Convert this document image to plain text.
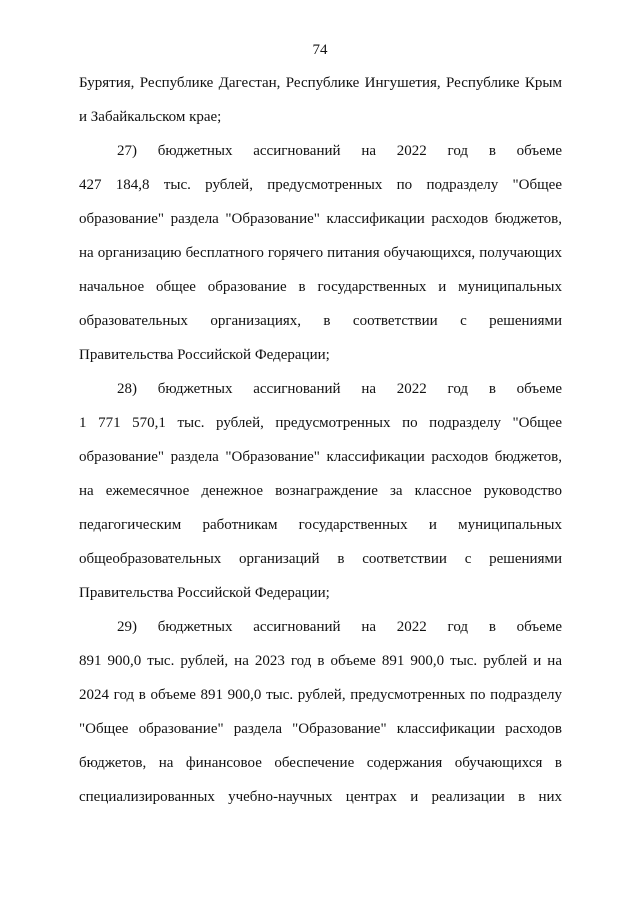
74
Бурятия, Республике Дагестан, Республике Ингушетия, Республике Крым
и Забайкальском крае;
27) бюджетных ассигнований на 2022 год в объеме
427 184,8 тыс. рублей, предусмотренных по подразделу "Общее
образование" раздела "Образование" классификации расходов бюджетов,
на организацию бесплатного горячего питания обучающихся, получающих
начальное общее образование в государственных и муниципальных
образовательных организациях, в соответствии с решениями
Правительства Российской Федерации;
28) бюджетных ассигнований на 2022 год в объеме
1 771 570,1 тыс. рублей, предусмотренных по подразделу "Общее
образование" раздела "Образование" классификации расходов бюджетов,
на ежемесячное денежное вознаграждение за классное руководство
педагогическим работникам государственных и муниципальных
общеобразовательных организаций в соответствии с решениями
Правительства Российской Федерации;
29) бюджетных ассигнований на 2022 год в объеме
891 900,0 тыс. рублей, на 2023 год в объеме 891 900,0 тыс. рублей и на
2024 год в объеме 891 900,0 тыс. рублей, предусмотренных по подразделу
"Общее образование" раздела "Образование" классификации расходов
бюджетов, на финансовое обеспечение содержания обучающихся в
специализированных учебно-научных центрах и реализации в них
